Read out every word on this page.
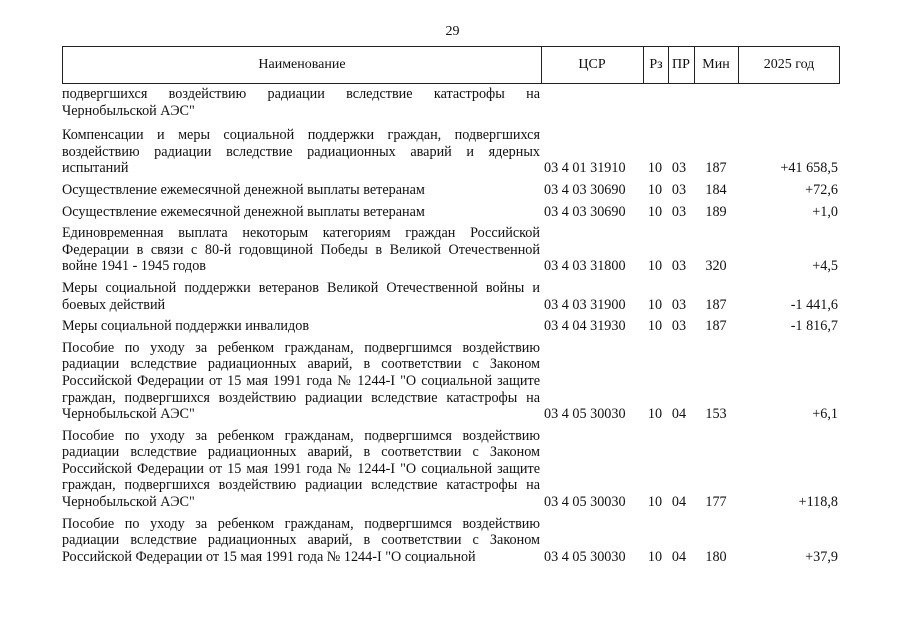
29
Наименование	ЦСР	Рз ПР Мин	2025 год
подвергшихся воздействию радиации вследствие катастрофы на Чернобыльской АЭС"
Компенсации и меры социальной поддержки граждан, подвергшихся воздействию радиации вследствие радиационных аварий и ядерных испытаний	03 4 01 31910	10 03	187	+41 658,5
Осуществление ежемесячной денежной выплаты ветеранам	03 4 03 30690	10 03	184	+72,6
Осуществление ежемесячной денежной выплаты ветеранам	03 4 03 30690	10 03	189	+1,0
Единовременная выплата некоторым категориям граждан Российской Федерации в связи с 80-й годовщиной Победы в Великой Отечественной войне 1941 - 1945 годов	03 4 03 31800	10 03	320	+4,5
Меры социальной поддержки ветеранов Великой Отечественной войны и боевых действий	03 4 03 31900	10 03	187	-1 441,6
Меры социальной поддержки инвалидов	03 4 04 31930	10 03	187	-1 816,7
Пособие по уходу за ребенком гражданам, подвергшимся воздействию радиации вследствие радиационных аварий, в соответствии с Законом Российской Федерации от 15 мая 1991 года № 1244-I "О социальной защите граждан, подвергшихся воздействию радиации вследствие катастрофы на Чернобыльской АЭС"	03 4 05 30030	10 04	153	+6,1
Пособие по уходу за ребенком гражданам, подвергшимся воздействию радиации вследствие радиационных аварий, в соответствии с Законом Российской Федерации от 15 мая 1991 года № 1244-I "О социальной защите граждан, подвергшихся воздействию радиации вследствие катастрофы на Чернобыльской АЭС"	03 4 05 30030	10 04	177	+118,8
Пособие по уходу за ребенком гражданам, подвергшимся воздействию радиации вследствие радиационных аварий, в соответствии с Законом Российской Федерации от 15 мая 1991 года № 1244-I "О социальной	03 4 05 30030	10 04	180	+37,9
